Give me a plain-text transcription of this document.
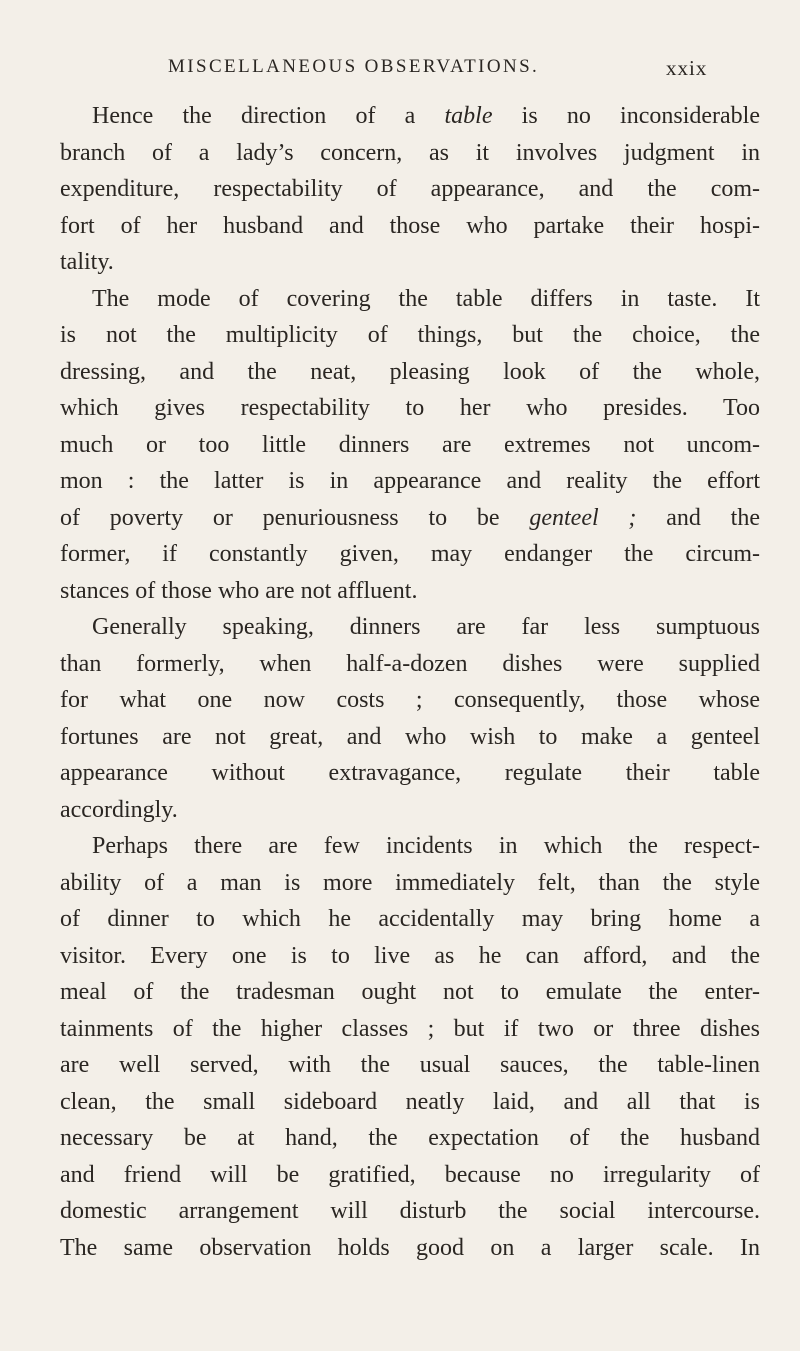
MISCELLANEOUS OBSERVATIONS.	xxix
Hence the direction of a table is no inconsiderable
branch of a lady’s concern, as it involves judgment in
expenditure, respectability of appearance, and the com-
fort of her husband and those who partake their hospi-
tality.
The mode of covering the table differs in taste. It
is not the multiplicity of things, but the choice, the
dressing, and the neat, pleasing look of the whole,
which gives respectability to her who presides. Too
much or too little dinners are extremes not uncom-
mon : the latter is in appearance and reality the effort
of poverty or penuriousness to be genteel ; and the
former, if constantly given, may endanger the circum-
stances of those who are not affluent.
Generally speaking, dinners are far less sumptuous
than formerly, when half-a-dozen dishes were supplied
for what one now costs ; consequently, those whose
fortunes are not great, and who wish to make a genteel
appearance without extravagance, regulate their table
accordingly.
Perhaps there are few incidents in which the respect-
ability of a man is more immediately felt, than the style
of dinner to which he accidentally may bring home a
visitor. Every one is to live as he can afford, and the
meal of the tradesman ought not to emulate the enter-
tainments of the higher classes ; but if two or three dishes
are well served, with the usual sauces, the table-linen
clean, the small sideboard neatly laid, and all that is
necessary be at hand, the expectation of the husband
and friend will be gratified, because no irregularity of
domestic arrangement will disturb the social intercourse.
The same observation holds good on a larger scale. In
